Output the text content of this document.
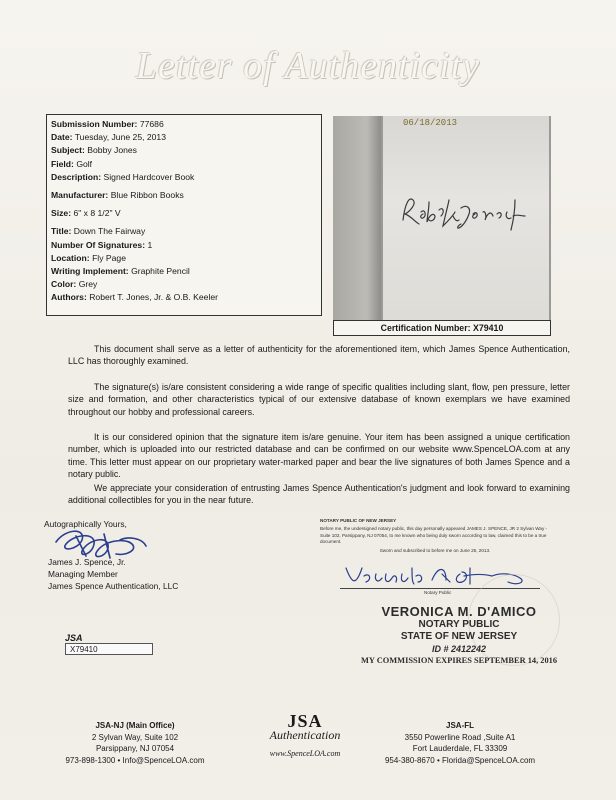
Letter of Authenticity
Submission Number: 77686
Date: Tuesday, June 25, 2013
Subject: Bobby Jones
Field: Golf
Description: Signed Hardcover Book
Manufacturer: Blue Ribbon Books
Size: 6" x 8 1/2" V
Title: Down The Fairway
Number Of Signatures: 1
Location: Fly Page
Writing Implement: Graphite Pencil
Color: Grey
Authors: Robert T. Jones, Jr. & O.B. Keeler
06/18/2013
Certification Number: X79410
This document shall serve as a letter of authenticity for the aforementioned item, which James Spence Authentication, LLC has thoroughly examined.
The signature(s) is/are consistent considering a wide range of specific qualities including slant, flow, pen pressure, letter size and formation, and other characteristics typical of our extensive database of known exemplars we have examined throughout our hobby and professional careers.
It is our considered opinion that the signature item is/are genuine. Your item has been assigned a unique certification number, which is uploaded into our restricted database and can be confirmed on our website www.SpenceLOA.com at any time. This letter must appear on our proprietary water-marked paper and bear the live signatures of both James Spence and a notary public.
We appreciate your consideration of entrusting James Spence Authentication's judgment and look forward to examining additional collectibles for you in the near future.
Autographically Yours,
James J. Spence, Jr.
Managing Member
James Spence Authentication, LLC
JSA
X79410
NOTARY PUBLIC OF NEW JERSEY
Before me, the undersigned notary public, this day personally appeared JAMES J. SPENCE, JR 2 Sylvan Way - Suite 102, Parsippany, NJ 07054, to me known who being duly sworn according to law, claimed this to be a true document.
Sworn and subscribed to before me on June 25, 2013.
Notary Public
VERONICA M. D'AMICO
NOTARY PUBLIC
STATE OF NEW JERSEY
ID # 2412242
MY COMMISSION EXPIRES SEPTEMBER 14, 2016
JSA-NJ (Main Office)
2 Sylvan Way, Suite 102
Parsippany, NJ 07054
973-898-1300 • Info@SpenceLOA.com
JSA
Authentication
www.SpenceLOA.com
JSA-FL
3550 Powerline Road ,Suite A1
Fort Lauderdale, FL 33309
954-380-8670 • Florida@SpenceLOA.com
